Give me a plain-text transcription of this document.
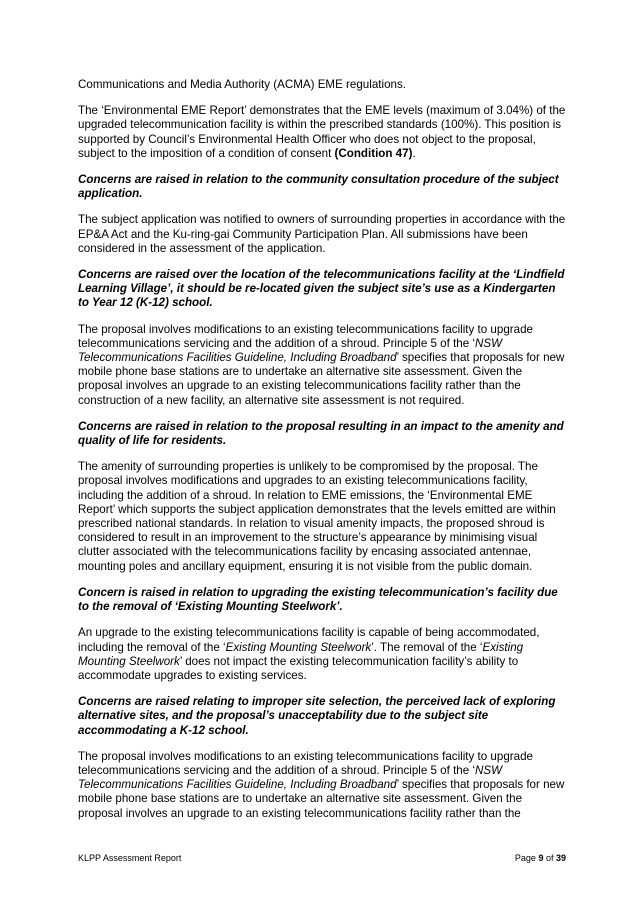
Communications and Media Authority (ACMA) EME regulations.

The ‘Environmental EME Report’ demonstrates that the EME levels (maximum of 3.04%) of the upgraded telecommunication facility is within the prescribed standards (100%). This position is supported by Council’s Environmental Health Officer who does not object to the proposal, subject to the imposition of a condition of consent (Condition 47).

Concerns are raised in relation to the community consultation procedure of the subject application.

The subject application was notified to owners of surrounding properties in accordance with the EP&A Act and the Ku-ring-gai Community Participation Plan. All submissions have been considered in the assessment of the application.

Concerns are raised over the location of the telecommunications facility at the ‘Lindfield Learning Village’, it should be re-located given the subject site’s use as a Kindergarten to Year 12 (K-12) school.

The proposal involves modifications to an existing telecommunications facility to upgrade telecommunications servicing and the addition of a shroud. Principle 5 of the ‘NSW Telecommunications Facilities Guideline, Including Broadband’ specifies that proposals for new mobile phone base stations are to undertake an alternative site assessment. Given the proposal involves an upgrade to an existing telecommunications facility rather than the construction of a new facility, an alternative site assessment is not required.

Concerns are raised in relation to the proposal resulting in an impact to the amenity and quality of life for residents.

The amenity of surrounding properties is unlikely to be compromised by the proposal. The proposal involves modifications and upgrades to an existing telecommunications facility, including the addition of a shroud. In relation to EME emissions, the ‘Environmental EME Report’ which supports the subject application demonstrates that the levels emitted are within prescribed national standards. In relation to visual amenity impacts, the proposed shroud is considered to result in an improvement to the structure’s appearance by minimising visual clutter associated with the telecommunications facility by encasing associated antennae, mounting poles and ancillary equipment, ensuring it is not visible from the public domain.

Concern is raised in relation to upgrading the existing telecommunication’s facility due to the removal of ‘Existing Mounting Steelwork’.

An upgrade to the existing telecommunications facility is capable of being accommodated, including the removal of the ‘Existing Mounting Steelwork’. The removal of the ‘Existing Mounting Steelwork’ does not impact the existing telecommunication facility’s ability to accommodate upgrades to existing services.

Concerns are raised relating to improper site selection, the perceived lack of exploring alternative sites, and the proposal’s unacceptability due to the subject site accommodating a K-12 school.

The proposal involves modifications to an existing telecommunications facility to upgrade telecommunications servicing and the addition of a shroud. Principle 5 of the ‘NSW Telecommunications Facilities Guideline, Including Broadband’ specifies that proposals for new mobile phone base stations are to undertake an alternative site assessment. Given the proposal involves an upgrade to an existing telecommunications facility rather than the

KLPP Assessment Report	Page 9 of 39
